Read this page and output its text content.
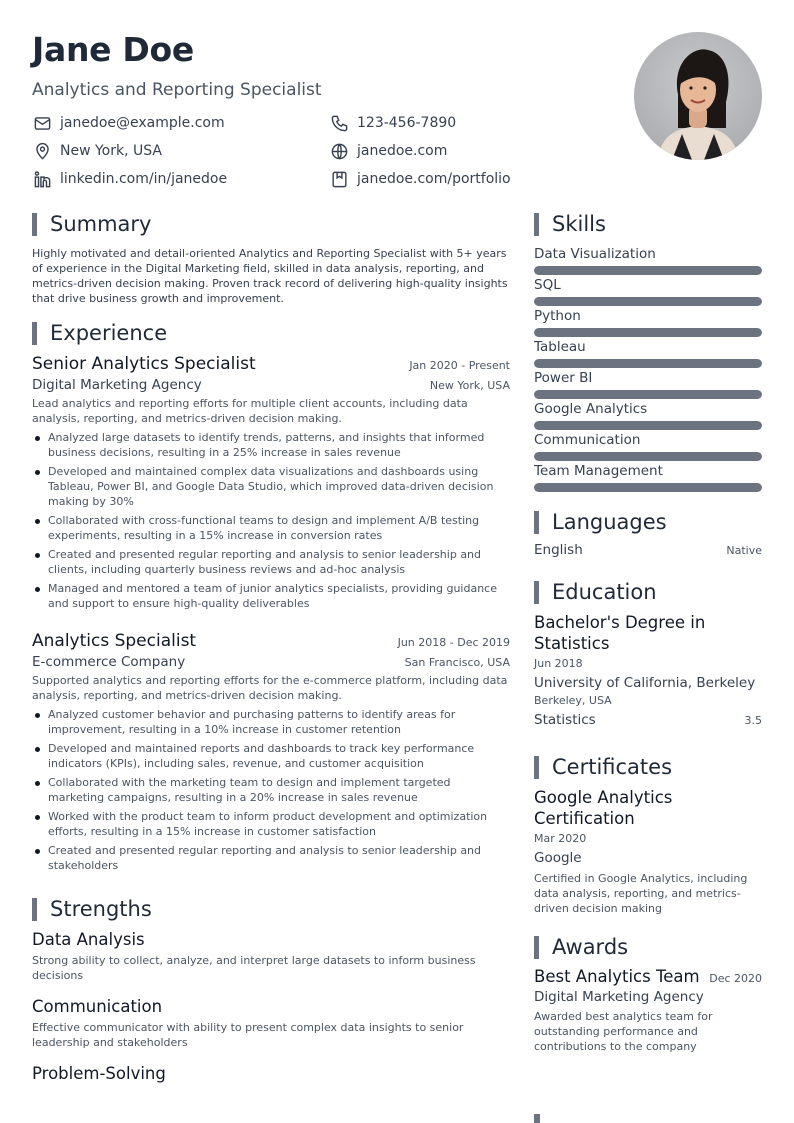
Jane Doe
Analytics and Reporting Specialist
janedoe@example.com	123-456-7890
New York, USA	janedoe.com
linkedin.com/in/janedoe	janedoe.com/portfolio
Summary
Highly motivated and detail-oriented Analytics and Reporting Specialist with 5+ years of experience in the Digital Marketing field, skilled in data analysis, reporting, and metrics-driven decision making. Proven track record of delivering high-quality insights that drive business growth and improvement.
Experience
Senior Analytics Specialist	Jan 2020 - Present
Digital Marketing Agency	New York, USA
Lead analytics and reporting efforts for multiple client accounts, including data analysis, reporting, and metrics-driven decision making.
Analyzed large datasets to identify trends, patterns, and insights that informed business decisions, resulting in a 25% increase in sales revenue
Developed and maintained complex data visualizations and dashboards using Tableau, Power BI, and Google Data Studio, which improved data-driven decision making by 30%
Collaborated with cross-functional teams to design and implement A/B testing experiments, resulting in a 15% increase in conversion rates
Created and presented regular reporting and analysis to senior leadership and clients, including quarterly business reviews and ad-hoc analysis
Managed and mentored a team of junior analytics specialists, providing guidance and support to ensure high-quality deliverables
Analytics Specialist	Jun 2018 - Dec 2019
E-commerce Company	San Francisco, USA
Supported analytics and reporting efforts for the e-commerce platform, including data analysis, reporting, and metrics-driven decision making.
Analyzed customer behavior and purchasing patterns to identify areas for improvement, resulting in a 10% increase in customer retention
Developed and maintained reports and dashboards to track key performance indicators (KPIs), including sales, revenue, and customer acquisition
Collaborated with the marketing team to design and implement targeted marketing campaigns, resulting in a 20% increase in sales revenue
Worked with the product team to inform product development and optimization efforts, resulting in a 15% increase in customer satisfaction
Created and presented regular reporting and analysis to senior leadership and stakeholders
Strengths
Data Analysis
Strong ability to collect, analyze, and interpret large datasets to inform business decisions
Communication
Effective communicator with ability to present complex data insights to senior leadership and stakeholders
Problem-Solving
Skills
Data Visualization
SQL
Python
Tableau
Power BI
Google Analytics
Communication
Team Management
Languages
English	Native
Education
Bachelor's Degree in Statistics
Jun 2018
University of California, Berkeley
Berkeley, USA
Statistics	3.5
Certificates
Google Analytics Certification
Mar 2020
Google
Certified in Google Analytics, including data analysis, reporting, and metrics-driven decision making
Awards
Best Analytics Team Dec 2020
Digital Marketing Agency
Awarded best analytics team for outstanding performance and contributions to the company
